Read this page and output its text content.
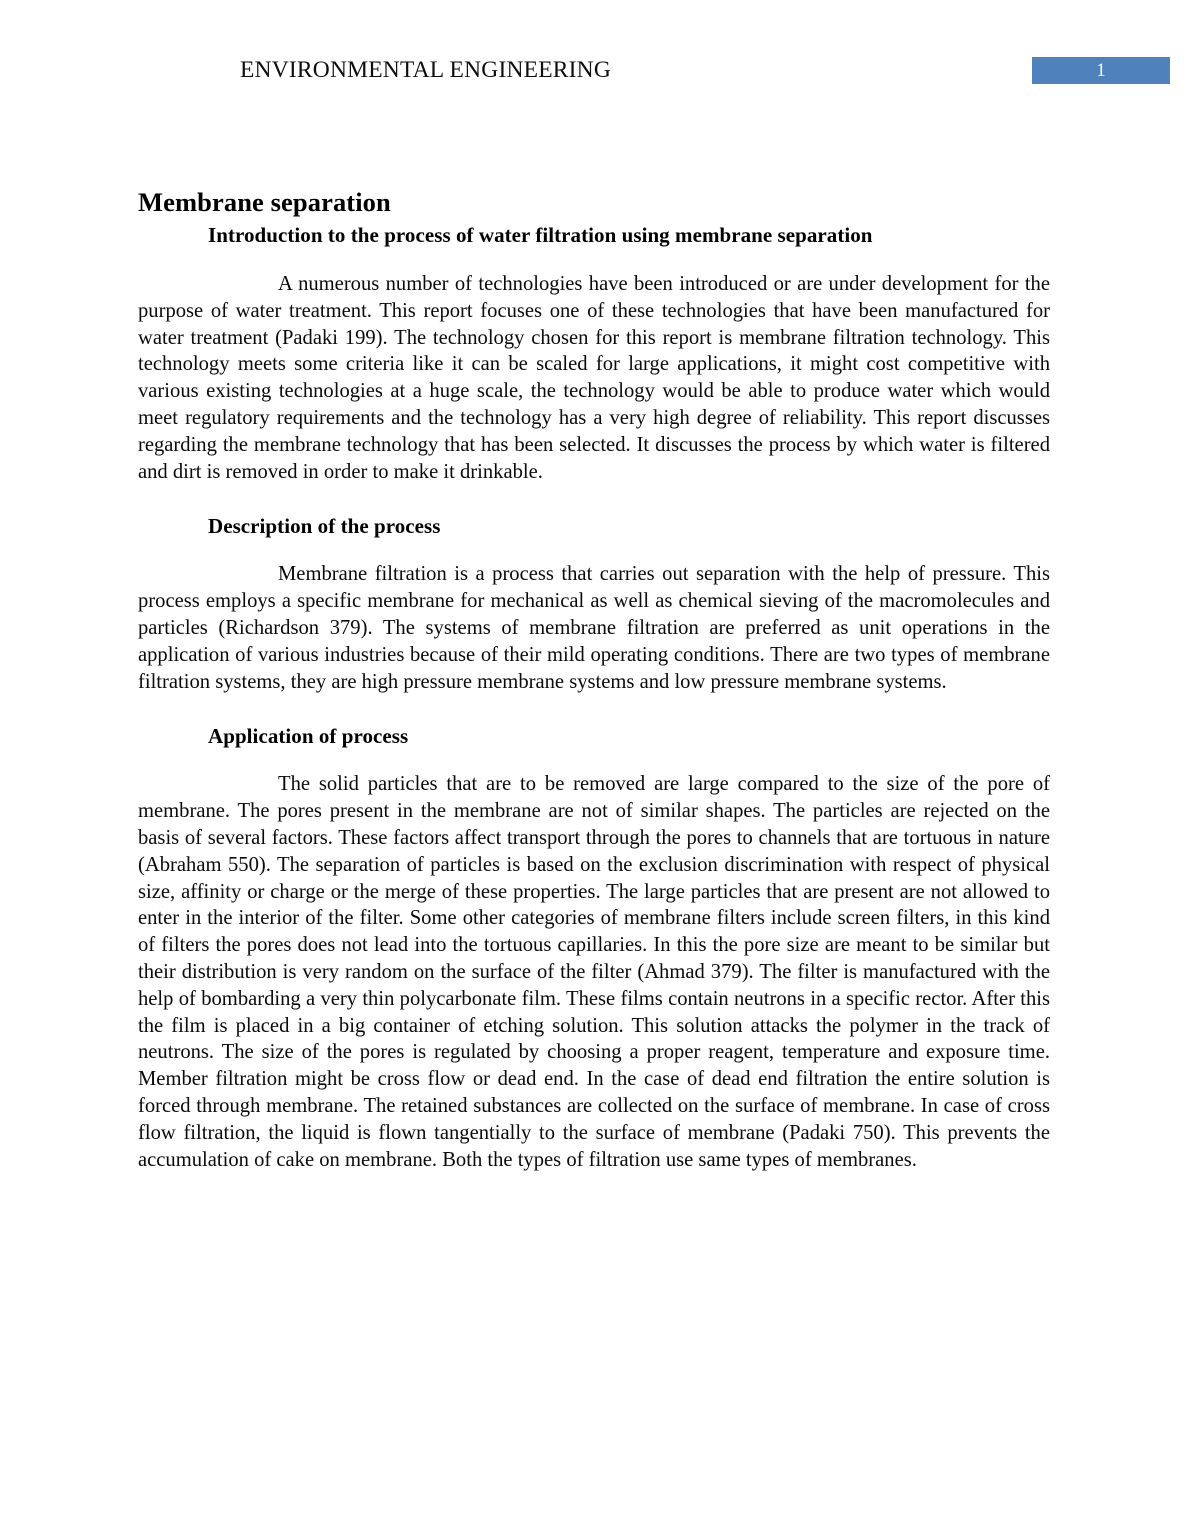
ENVIRONMENTAL ENGINEERING	1
Membrane separation
Introduction to the process of water filtration using membrane separation

A numerous number of technologies have been introduced or are under development for the purpose of water treatment. This report focuses one of these technologies that have been manufactured for water treatment (Padaki 199). The technology chosen for this report is membrane filtration technology. This technology meets some criteria like it can be scaled for large applications, it might cost competitive with various existing technologies at a huge scale, the technology would be able to produce water which would meet regulatory requirements and the technology has a very high degree of reliability. This report discusses regarding the membrane technology that has been selected. It discusses the process by which water is filtered and dirt is removed in order to make it drinkable.

Description of the process

Membrane filtration is a process that carries out separation with the help of pressure. This process employs a specific membrane for mechanical as well as chemical sieving of the macromolecules and particles (Richardson 379). The systems of membrane filtration are preferred as unit operations in the application of various industries because of their mild operating conditions. There are two types of membrane filtration systems, they are high pressure membrane systems and low pressure membrane systems.

Application of process

The solid particles that are to be removed are large compared to the size of the pore of membrane. The pores present in the membrane are not of similar shapes. The particles are rejected on the basis of several factors. These factors affect transport through the pores to channels that are tortuous in nature (Abraham 550). The separation of particles is based on the exclusion discrimination with respect of physical size, affinity or charge or the merge of these properties. The large particles that are present are not allowed to enter in the interior of the filter. Some other categories of membrane filters include screen filters, in this kind of filters the pores does not lead into the tortuous capillaries. In this the pore size are meant to be similar but their distribution is very random on the surface of the filter (Ahmad 379). The filter is manufactured with the help of bombarding a very thin polycarbonate film. These films contain neutrons in a specific rector. After this the film is placed in a big container of etching solution. This solution attacks the polymer in the track of neutrons. The size of the pores is regulated by choosing a proper reagent, temperature and exposure time. Member filtration might be cross flow or dead end. In the case of dead end filtration the entire solution is forced through membrane. The retained substances are collected on the surface of membrane. In case of cross flow filtration, the liquid is flown tangentially to the surface of membrane (Padaki 750). This prevents the accumulation of cake on membrane. Both the types of filtration use same types of membranes.
